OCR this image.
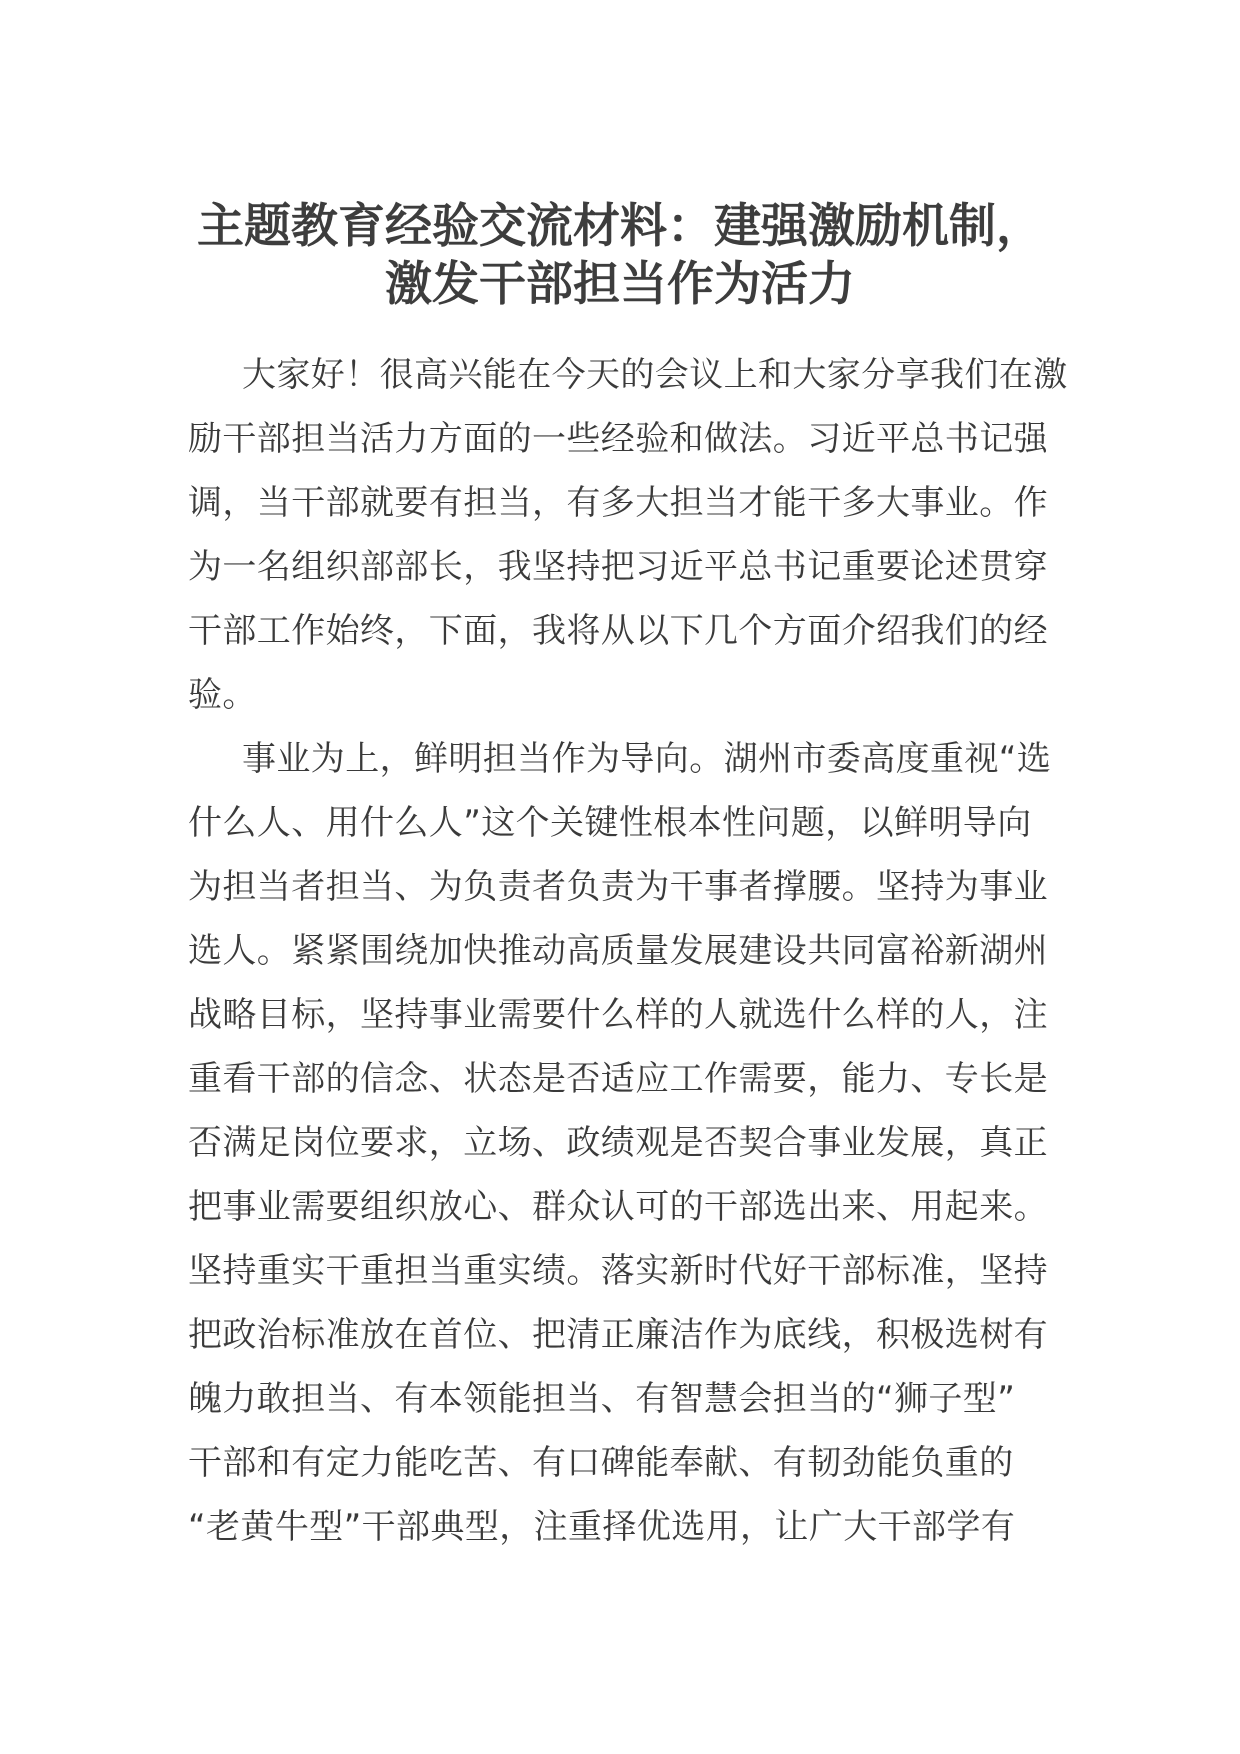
主题教育经验交流材料：建强激励机制，
激发干部担当作为活力

大家好！很高兴能在今天的会议上和大家分享我们在激

励干部担当活力方面的一些经验和做法。习近平总书记强

调，当干部就要有担当，有多大担当才能干多大事业。作

为一名组织部部长，我坚持把习近平总书记重要论述贯穿

干部工作始终，下面，我将从以下几个方面介绍我们的经

验。

事业为上，鲜明担当作为导向。湖州市委高度重视“选

什么人、用什么人”这个关键性根本性问题，以鲜明导向

为担当者担当、为负责者负责为干事者撑腰。坚持为事业

选人。紧紧围绕加快推动高质量发展建设共同富裕新湖州

战略目标，坚持事业需要什么样的人就选什么样的人，注

重看干部的信念、状态是否适应工作需要，能力、专长是

否满足岗位要求，立场、政绩观是否契合事业发展，真正

把事业需要组织放心、群众认可的干部选出来、用起来。

坚持重实干重担当重实绩。落实新时代好干部标准，坚持

把政治标准放在首位、把清正廉洁作为底线，积极选树有

魄力敢担当、有本领能担当、有智慧会担当的“狮子型”

干部和有定力能吃苦、有口碑能奉献、有韧劲能负重的

“老黄牛型”干部典型，注重择优选用，让广大干部学有
